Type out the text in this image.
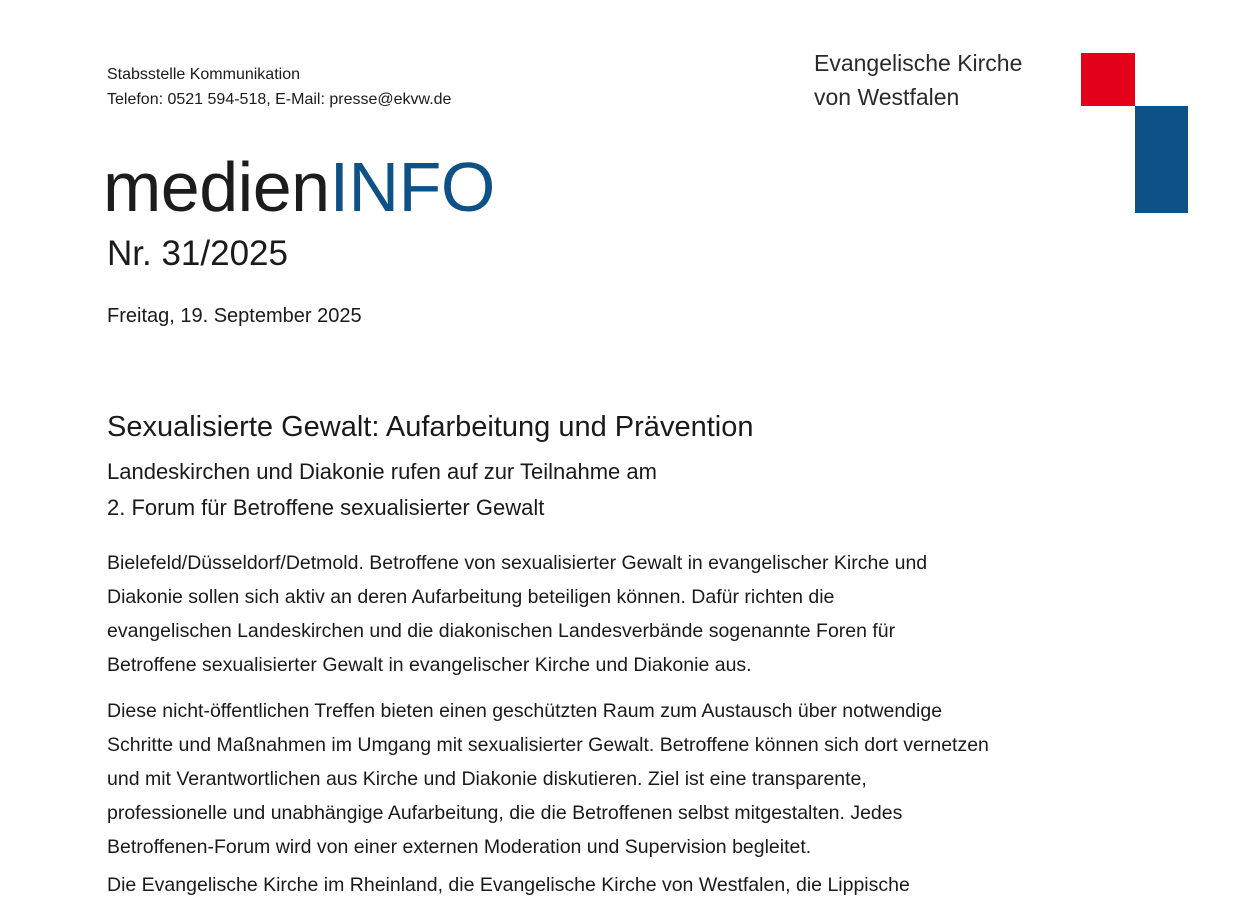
Stabsstelle Kommunikation
Telefon: 0521 594-518, E-Mail: presse@ekvw.de
Evangelische Kirche
von Westfalen
medienINFO
Nr. 31/2025
Freitag, 19. September 2025
Sexualisierte Gewalt: Aufarbeitung und Prävention
Landeskirchen und Diakonie rufen auf zur Teilnahme am
2. Forum für Betroffene sexualisierter Gewalt
Bielefeld/Düsseldorf/Detmold. Betroffene von sexualisierter Gewalt in evangelischer Kirche und
Diakonie sollen sich aktiv an deren Aufarbeitung beteiligen können. Dafür richten die
evangelischen Landeskirchen und die diakonischen Landesverbände sogenannte Foren für
Betroffene sexualisierter Gewalt in evangelischer Kirche und Diakonie aus.
Diese nicht-öffentlichen Treffen bieten einen geschützten Raum zum Austausch über notwendige
Schritte und Maßnahmen im Umgang mit sexualisierter Gewalt. Betroffene können sich dort vernetzen
und mit Verantwortlichen aus Kirche und Diakonie diskutieren. Ziel ist eine transparente,
professionelle und unabhängige Aufarbeitung, die die Betroffenen selbst mitgestalten. Jedes
Betroffenen-Forum wird von einer externen Moderation und Supervision begleitet.
Die Evangelische Kirche im Rheinland, die Evangelische Kirche von Westfalen, die Lippische
